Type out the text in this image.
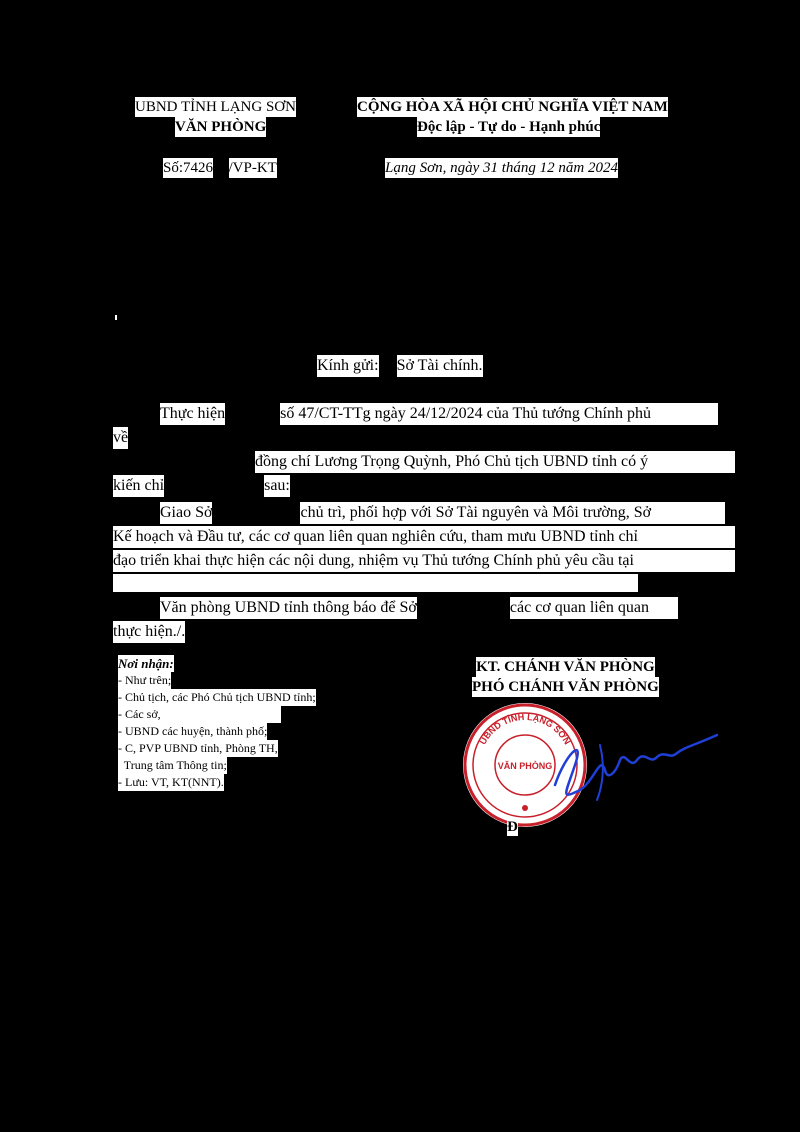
UBND TỈNH LẠNG SƠN
VĂN PHÒNG
Số:7426 /VP-KT
CỘNG HÒA XÃ HỘI CHỦ NGHĨA VIỆT NAM
Độc lập - Tự do - Hạnh phúc
Lạng Sơn, ngày 31 tháng 12 năm 2024
Kính gửi: Sở Tài chính.
Thực hiện	số 47/CT-TTg ngày 24/12/2024 của Thủ tướng Chính phủ
về
đồng chí Lương Trọng Quỳnh, Phó Chủ tịch UBND tỉnh có ý
kiến chỉ	sau:
Giao Sở	chủ trì, phối hợp với Sở Tài nguyên và Môi trường, Sở
Kế hoạch và Đầu tư, các cơ quan liên quan nghiên cứu, tham mưu UBND tỉnh chỉ
đạo triển khai thực hiện các nội dung, nhiệm vụ Thủ tướng Chính phủ yêu cầu tại
Văn phòng UBND tỉnh thông báo để Sở	các cơ quan liên quan
thực hiện./.
Nơi nhận:
- Như trên;
- Chủ tịch, các Phó Chủ tịch UBND tỉnh;
- Các sở,
- UBND các huyện, thành phố;
- C, PVP UBND tỉnh, Phòng TH,
Trung tâm Thông tin;
- Lưu: VT, KT(NNT).
KT. CHÁNH VĂN PHÒNG
PHÓ CHÁNH VĂN PHÒNG
UBND TỈNH LẠNG SƠN
VĂN PHÒNG
Đ
